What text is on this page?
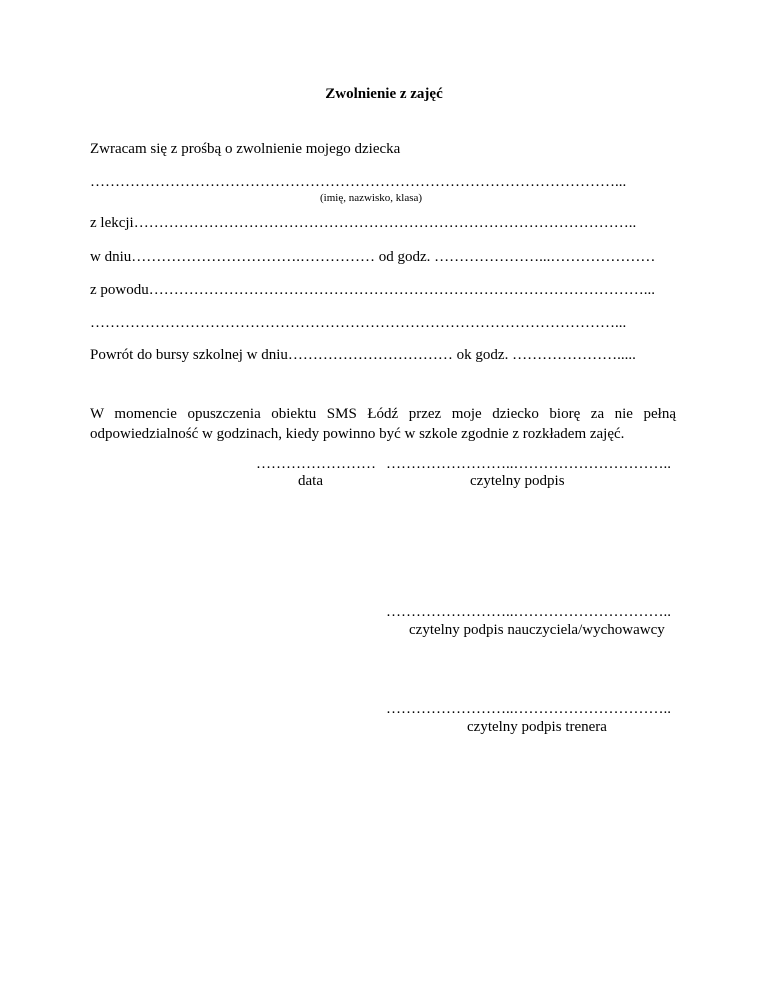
Zwolnienie z zajęć
Zwracam się z prośbą o zwolnienie mojego dziecka
……………………………………………………………………………………………...
(imię, nazwisko, klasa)
z lekcji………………………………………………………………………………………..
w dniu…………………………….…………… od godz. …………………...…………………
z powodu………………………………………………………………………………………...
……………………………………………………………………………………………...
Powrót do bursy szkolnej w dniu…………………………… ok godz. ………………….....
W momencie opuszczenia obiektu SMS Łódź przez moje dziecko biorę za nie pełną odpowiedzialność w godzinach, kiedy powinno być w szkole zgodnie z rozkładem zajęć.
…………………… ……………………..…………………………..
data	czytelny podpis
……………………..…………………………..
czytelny podpis nauczyciela/wychowawcy
……………………..…………………………..
czytelny podpis trenera
